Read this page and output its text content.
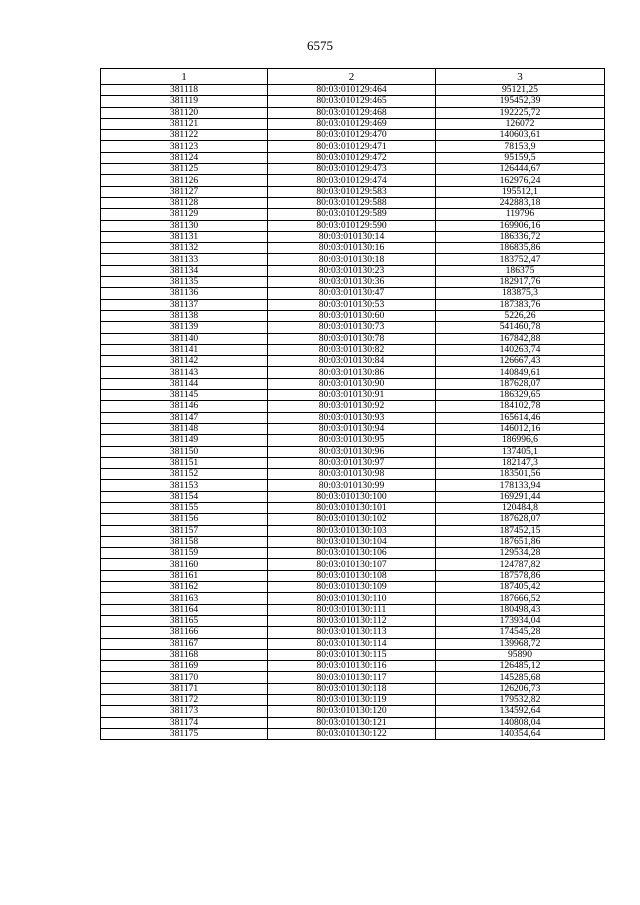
6575
1	2	3
381118	80:03:010129:464	95121,25
381119	80:03:010129:465	195452,39
381120	80:03:010129:468	192225,72
381121	80:03:010129:469	126072
381122	80:03:010129:470	140603,61
381123	80:03:010129:471	78153,9
381124	80:03:010129:472	95159,5
381125	80:03:010129:473	126444,67
381126	80:03:010129:474	162976,24
381127	80:03:010129:583	195512,1
381128	80:03:010129:588	242883,18
381129	80:03:010129:589	119796
381130	80:03:010129:590	169906,16
381131	80:03:010130:14	186336,72
381132	80:03:010130:16	186835,86
381133	80:03:010130:18	183752,47
381134	80:03:010130:23	186375
381135	80:03:010130:36	182917,76
381136	80:03:010130:47	183875,3
381137	80:03:010130:53	187383,76
381138	80:03:010130:60	5226,26
381139	80:03:010130:73	541460,78
381140	80:03:010130:78	167842,88
381141	80:03:010130:82	140263,74
381142	80:03:010130:84	126667,43
381143	80:03:010130:86	140849,61
381144	80:03:010130:90	187628,07
381145	80:03:010130:91	186329,65
381146	80:03:010130:92	184102,78
381147	80:03:010130:93	165614,46
381148	80:03:010130:94	146012,16
381149	80:03:010130:95	186996,6
381150	80:03:010130:96	137405,1
381151	80:03:010130:97	182147,3
381152	80:03:010130:98	183501,56
381153	80:03:010130:99	178133,94
381154	80:03:010130:100	169291,44
381155	80:03:010130:101	120484,8
381156	80:03:010130:102	187628,07
381157	80:03:010130:103	187452,15
381158	80:03:010130:104	187651,86
381159	80:03:010130:106	129534,28
381160	80:03:010130:107	124787,82
381161	80:03:010130:108	187578,86
381162	80:03:010130:109	187405,42
381163	80:03:010130:110	187666,52
381164	80:03:010130:111	180498,43
381165	80:03:010130:112	173934,04
381166	80:03:010130:113	174545,28
381167	80:03:010130:114	139968,72
381168	80:03:010130:115	95890
381169	80:03:010130:116	126485,12
381170	80:03:010130:117	145285,68
381171	80:03:010130:118	126206,73
381172	80:03:010130:119	179532,82
381173	80:03:010130:120	134592,64
381174	80:03:010130:121	140808,04
381175	80:03:010130:122	140354,64
